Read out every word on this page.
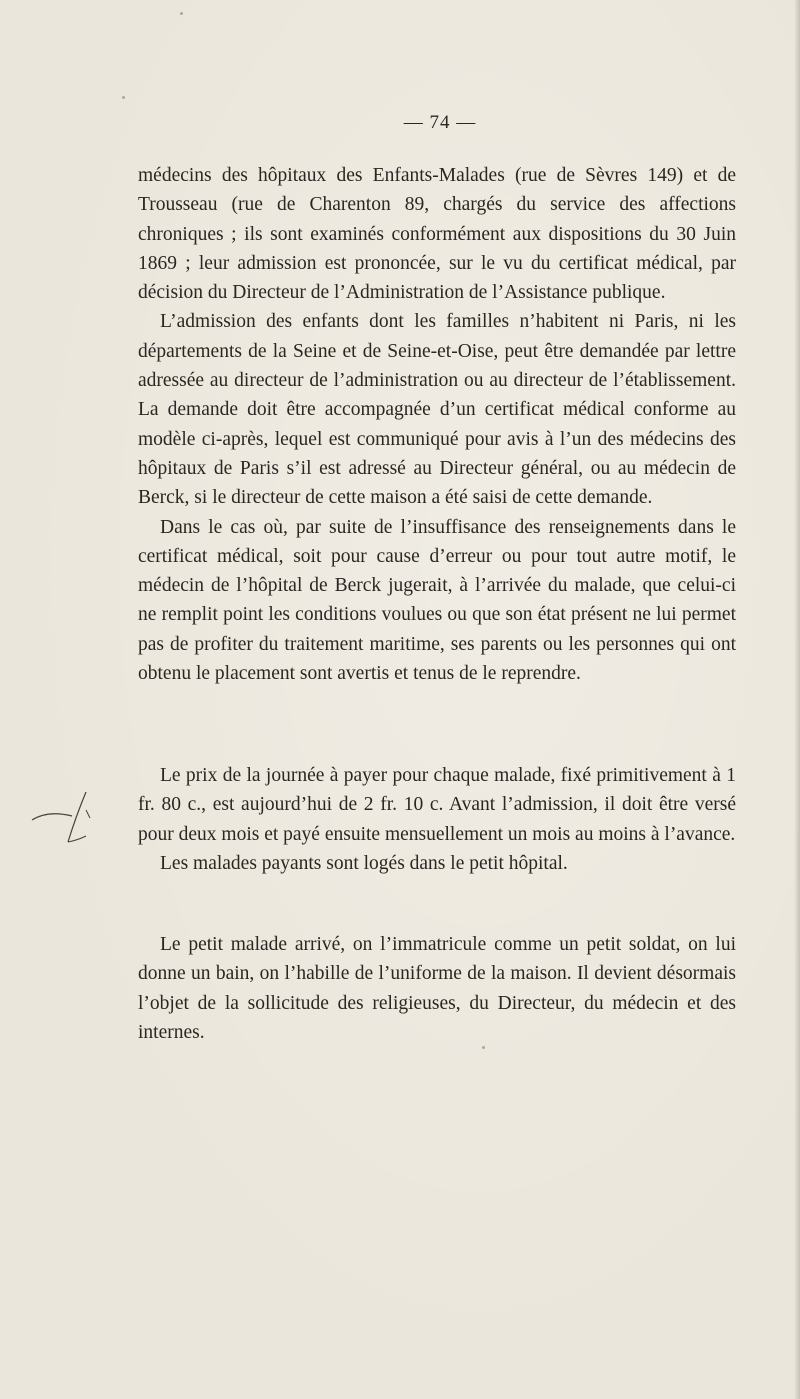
— 74 —

médecins des hôpitaux des Enfants-Malades (rue de Sèvres 149) et de Trousseau (rue de Charenton 89, chargés du service des affections chroniques ; ils sont examinés conformément aux dispositions du 30 Juin 1869 ; leur admission est prononcée, sur le vu du certificat médical, par décision du Directeur de l’Administration de l’Assistance publique.

L’admission des enfants dont les familles n’habitent ni Paris, ni les départements de la Seine et de Seine-et-Oise, peut être demandée par lettre adressée au directeur de l’administration ou au directeur de l’établissement. La demande doit être accompagnée d’un certificat médical conforme au modèle ci-après, lequel est communiqué pour avis à l’un des médecins des hôpitaux de Paris s’il est adressé au Directeur général, ou au médecin de Berck, si le directeur de cette maison a été saisi de cette demande.

Dans le cas où, par suite de l’insuffisance des renseignements dans le certificat médical, soit pour cause d’erreur ou pour tout autre motif, le médecin de l’hôpital de Berck jugerait, à l’arrivée du malade, que celui-ci ne remplit point les conditions voulues ou que son état présent ne lui permet pas de profiter du traitement maritime, ses parents ou les personnes qui ont obtenu le placement sont avertis et tenus de le reprendre.

Le prix de la journée à payer pour chaque malade, fixé primitivement à 1 fr. 80 c., est aujourd’hui de 2 fr. 10 c. Avant l’admission, il doit être versé pour deux mois et payé ensuite mensuellement un mois au moins à l’avance.

Les malades payants sont logés dans le petit hôpital.

Le petit malade arrivé, on l’immatricule comme un petit soldat, on lui donne un bain, on l’habille de l’uniforme de la maison. Il devient désormais l’objet de la sollicitude des religieuses, du Directeur, du médecin et des internes.
